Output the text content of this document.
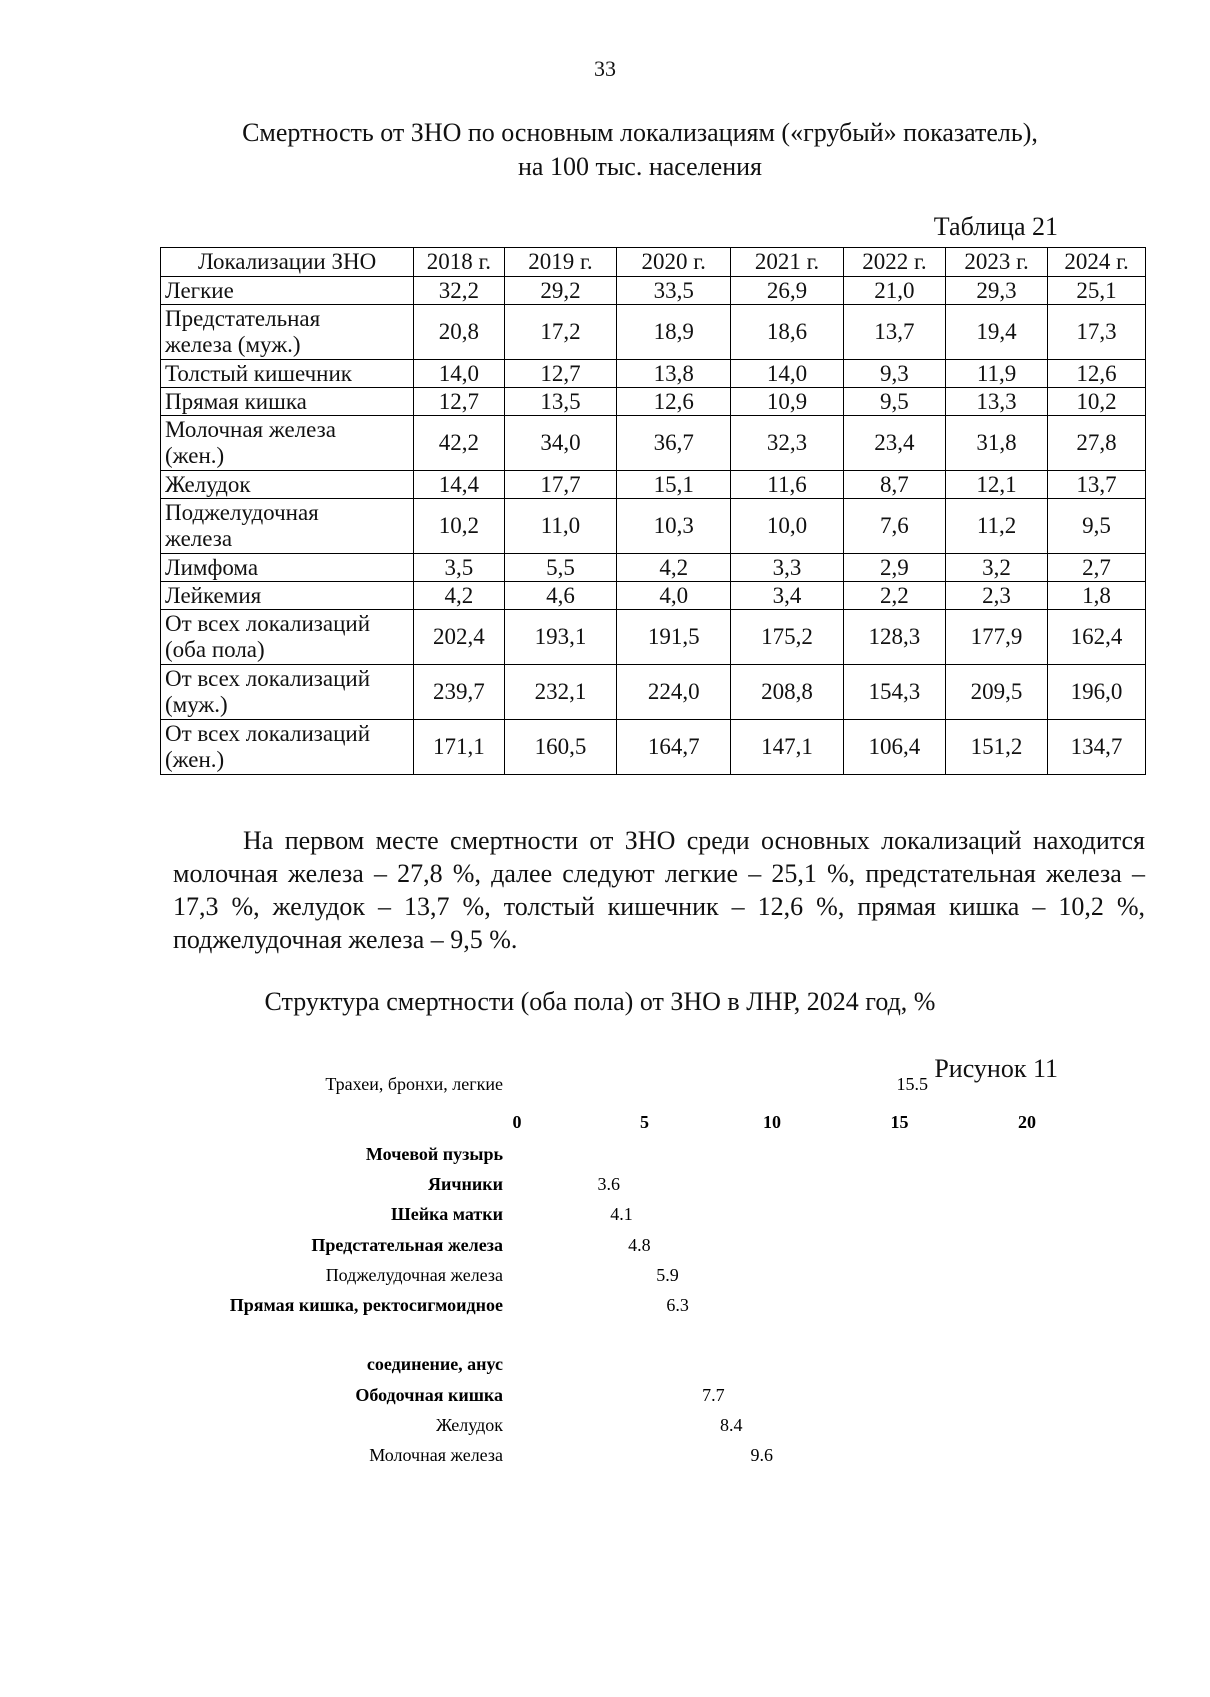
33
Смертность от ЗНО по основным локализациям («грубый» показатель),
на 100 тыс. населения
Таблица 21
Локализации ЗНО	2018 г.	2019 г.	2020 г.	2021 г.	2022 г.	2023 г.	2024 г.

Легкие	32,2	29,2	33,5	26,9	21,0	29,3	25,1

Предстательная
железа (муж.)	20,8	17,2	18,9	18,6	13,7	19,4	17,3

Толстый кишечник	14,0	12,7	13,8	14,0	9,3	11,9	12,6

Прямая кишка	12,7	13,5	12,6	10,9	9,5	13,3	10,2

Молочная железа
(жен.)	42,2	34,0	36,7	32,3	23,4	31,8	27,8

Желудок	14,4	17,7	15,1	11,6	8,7	12,1	13,7

Поджелудочная
железа	10,2	11,0	10,3	10,0	7,6	11,2	9,5

Лимфома	3,5	5,5	4,2	3,3	2,9	3,2	2,7

Лейкемия	4,2	4,6	4,0	3,4	2,2	2,3	1,8

От всех локализаций
(оба пола)	202,4	193,1	191,5	175,2	128,3	177,9	162,4

От всех локализаций
(муж.)	239,7	232,1	224,0	208,8	154,3	209,5	196,0

От всех локализаций
(жен.)	171,1	160,5	164,7	147,1	106,4	151,2	134,7

На первом месте смертности от ЗНО среди основных локализаций находится молочная железа – 27,8 %, далее следуют легкие – 25,1 %, предстательная железа – 17,3 %, желудок – 13,7 %, толстый кишечник – 12,6 %, прямая кишка – 10,2 %, поджелудочная железа – 9,5 %.

Структура смертности (оба пола) от ЗНО в ЛНР, 2024 год, %
Рисунок 11
0	5	10	15	20
Мочевой пузырь
Яичники	3.6
Шейка матки	4.1
Предстательная железа	4.8
Поджелудочная железа	5.9
Прямая кишка, ректосигмоидное	6.3
соединение, анус
Ободочная кишка	7.7
Желудок	8.4
Молочная железа	9.6
Трахеи, бронхи, легкие	15.5
